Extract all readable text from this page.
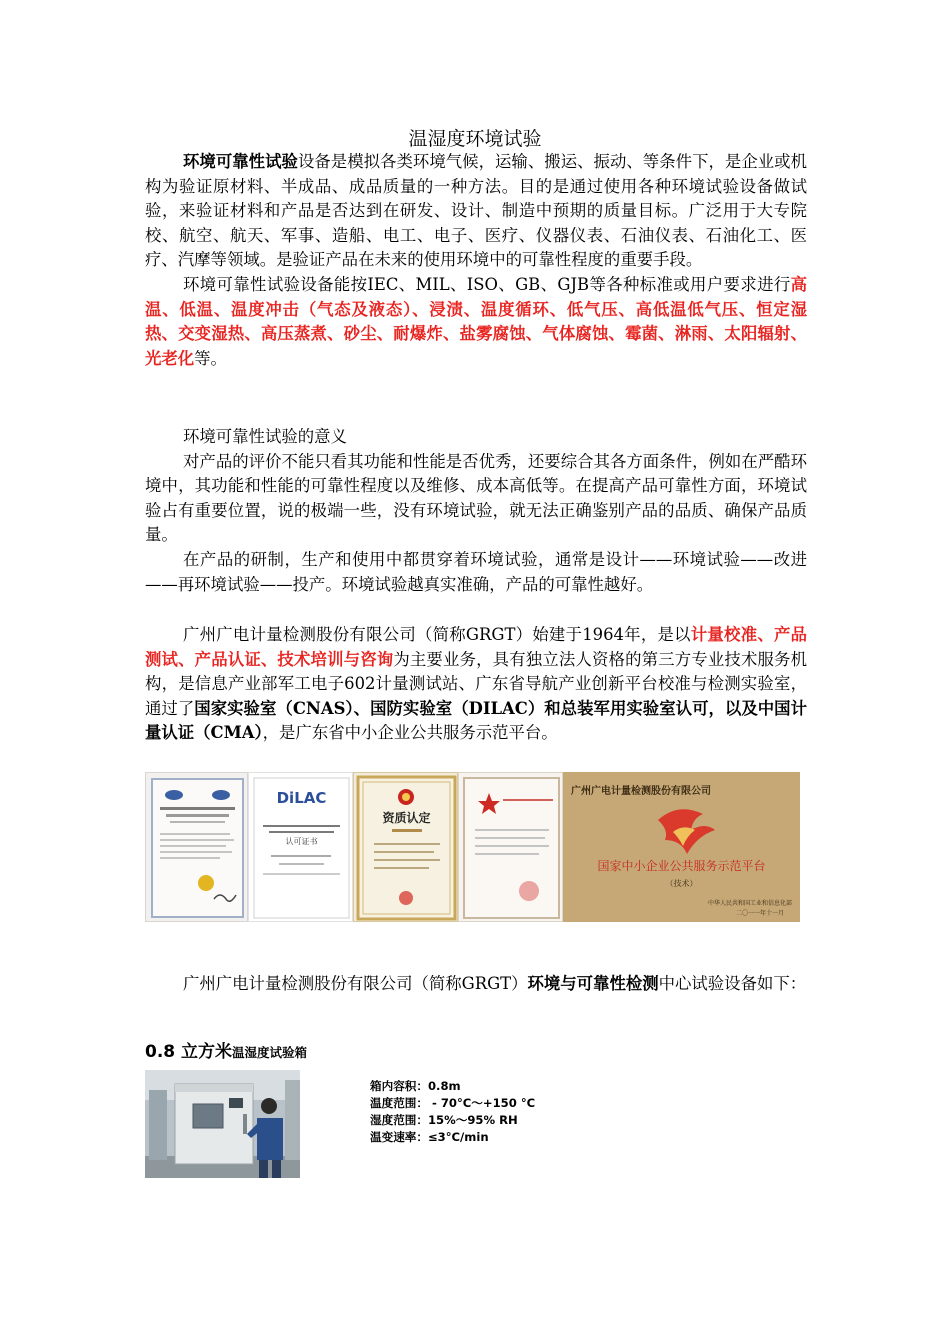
温湿度环境试验

环境可靠性试验设备是模拟各类环境气候，运输、搬运、振动、等条件下，是企业或机构为验证原材料、半成品、成品质量的一种方法。目的是通过使用各种环境试验设备做试验，来验证材料和产品是否达到在研发、设计、制造中预期的质量目标。广泛用于大专院校、航空、航天、军事、造船、电工、电子、医疗、仪器仪表、石油仪表、石油化工、医疗、汽摩等领域。是验证产品在未来的使用环境中的可靠性程度的重要手段。

环境可靠性试验设备能按IEC、MIL、ISO、GB、GJB等各种标准或用户要求进行高温、低温、温度冲击（气态及液态）、浸渍、温度循环、低气压、高低温低气压、恒定湿热、交变湿热、高压蒸煮、砂尘、耐爆炸、盐雾腐蚀、气体腐蚀、霉菌、淋雨、太阳辐射、光老化等。

环境可靠性试验的意义

对产品的评价不能只看其功能和性能是否优秀，还要综合其各方面条件，例如在严酷环境中，其功能和性能的可靠性程度以及维修、成本高低等。在提高产品可靠性方面，环境试验占有重要位置，说的极端一些，没有环境试验，就无法正确鉴别产品的品质、确保产品质量。

在产品的研制，生产和使用中都贯穿着环境试验，通常是设计——环境试验——改进——再环境试验——投产。环境试验越真实准确，产品的可靠性越好。

广州广电计量检测股份有限公司（简称GRGT）始建于1964年，是以计量校准、产品测试、产品认证、技术培训与咨询为主要业务，具有独立法人资格的第三方专业技术服务机构，是信息产业部军工电子602计量测试站、广东省导航产业创新平台校准与检测实验室，通过了国家实验室（CNAS）、国防实验室（DILAC）和总装军用实验室认可，以及中国计量认证（CMA），是广东省中小企业公共服务示范平台。

DiLAC
认可证书
资质认定
广州广电计量检测股份有限公司
国家中小企业公共服务示范平台
（技术）
中华人民共和国工业和信息化部
二〇一一年十一月

广州广电计量检测股份有限公司（简称GRGT）环境与可靠性检测中心试验设备如下：

0.8 立方米温湿度试验箱
箱内容积：0.8m
温度范围： - 70°C～+150 °C
湿度范围：15%～95% RH
温变速率：≤3°C/min
